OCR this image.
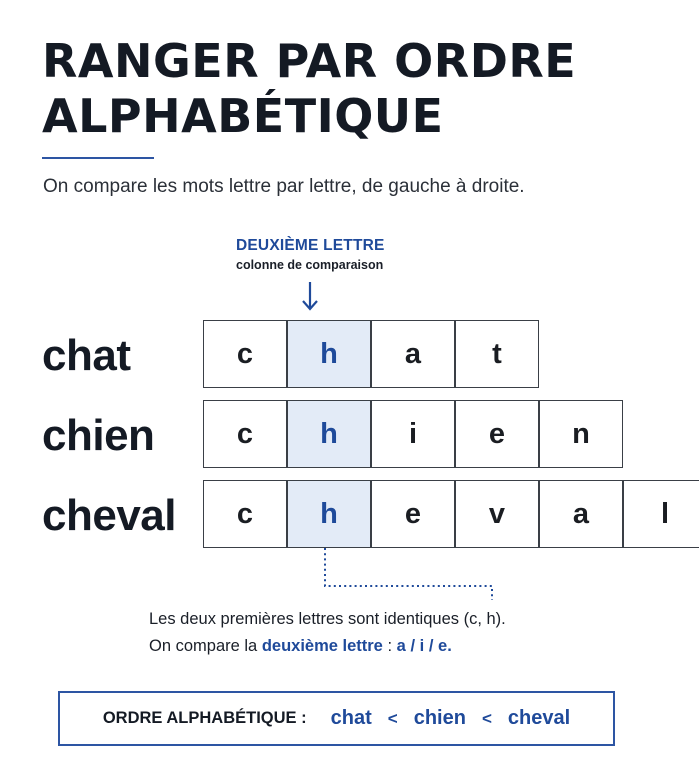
RANGER PAR ORDRE
ALPHABÉTIQUE

On compare les mots lettre par lettre, de gauche à droite.

DEUXIÈME LETTRE
colonne de comparaison
chat	c	h	a	t
chien	c	h	i	e	n
cheval	c	h	e	v	a	l
Les deux premières lettres sont identiques (c, h).
On compare la deuxième lettre : a / i / e.
ORDRE ALPHABÉTIQUE : chat < chien < cheval
